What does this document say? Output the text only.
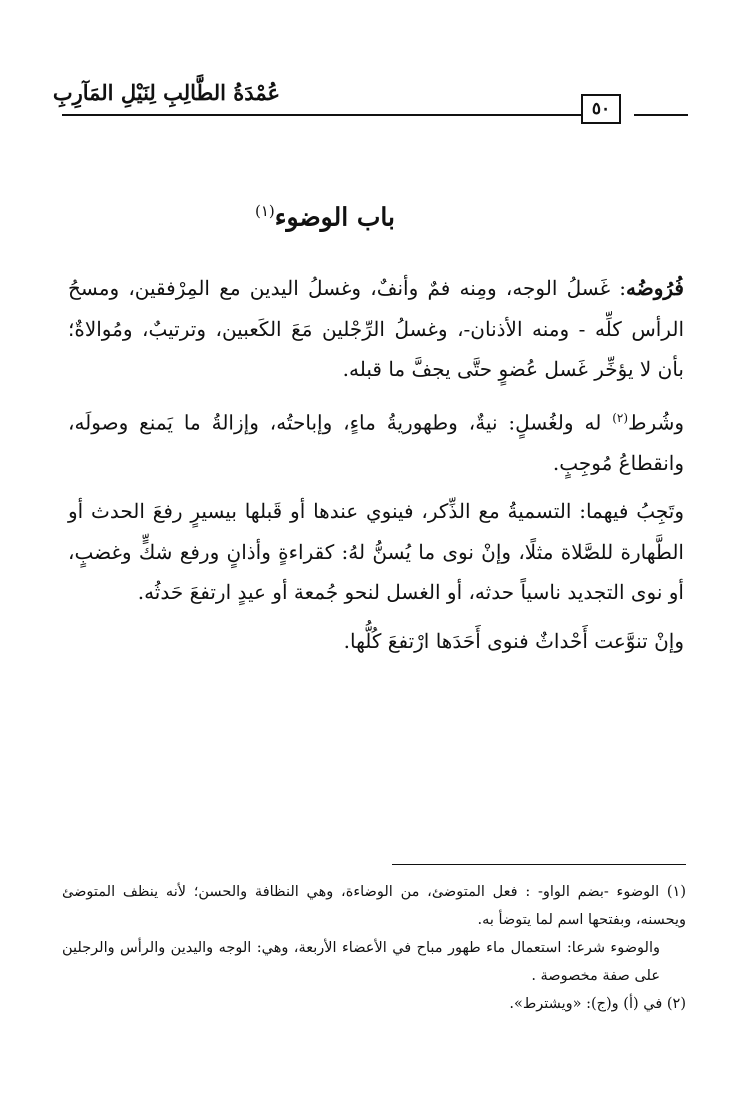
عُمْدَةُ الطَّالِبِ لِنَيْلِ المَآرِبِ
٥٠
باب الوضوء$^{(١)}$

فُرُوضُه: غَسلُ الوجه، ومِنه فمٌ وأنفٌ، وغسلُ اليدين مع المِرْفقين، ومسحُ الرأس كلِّه - ومنه الأذنان-، وغسلُ الرِّجْلين مَعَ الكَعبين، وترتيبٌ، ومُوالاةٌ؛ بأن لا يؤخِّر غَسل عُضوٍ حتَّى يجفَّ ما قبله.

وشُرط$^{(٢)}$ له ولغُسلٍ: نيةٌ، وطهوريةُ ماءٍ، وإباحتُه، وإزالةُ ما يَمنع وصولَه، وانقطاعُ مُوجِبٍ.

وتَجِبُ فيهما: التسميةُ مع الذِّكر، فينوي عندها أو قَبلها بيسيرٍ رفعَ الحدث أو الطَّهارة للصَّلاة مثلًا، وإنْ نوى ما يُسنُّ لهُ: كقراءةٍ وأذانٍ ورفع شكٍّ وغضبٍ، أو نوى التجديد ناسياً حدثه، أو الغسل لنحو جُمعة أو عيدٍ ارتفعَ حَدثُه.

وإنْ تنوَّعت أَحْداثٌ فنوى أَحَدَها ارْتفعَ كُلُّها.

(١) الوضوء -بضم الواو- : فعل المتوضئ، من الوضاءة، وهي النظافة والحسن؛ لأنه ينظف المتوضئ ويحسنه، وبفتحها اسم لما يتوضأ به.

والوضوء شرعا: استعمال ماء طهور مباح في الأعضاء الأربعة، وهي: الوجه واليدين والرأس والرجلين على صفة مخصوصة .

(٢) في (أ) و(ج): «ويشترط».
